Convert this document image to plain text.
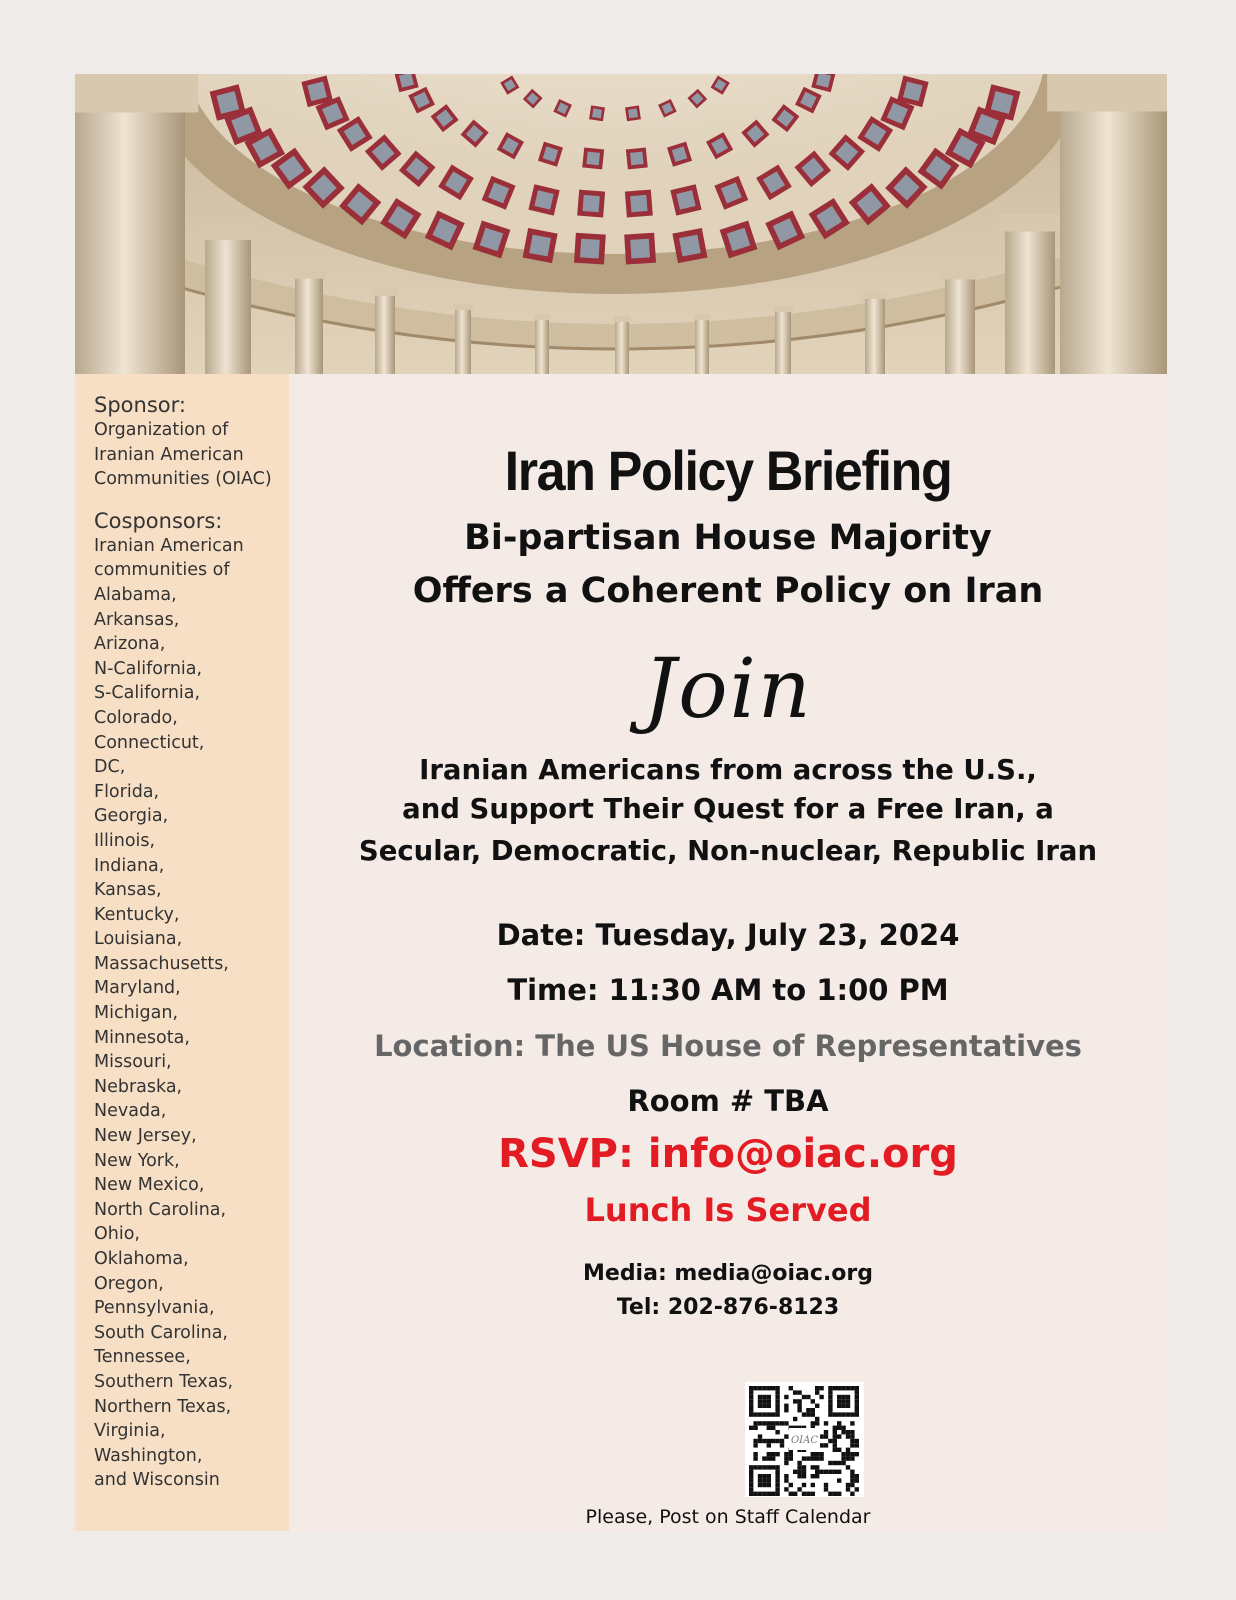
Sponsor:
Organization of
Iranian American
Communities (OIAC)
Cosponsors:
Iranian American
communities of
Alabama,
Arkansas,
Arizona,
N-California,
S-California,
Colorado,
Connecticut,
DC,
Florida,
Georgia,
Illinois,
Indiana,
Kansas,
Kentucky,
Louisiana,
Massachusetts,
Maryland,
Michigan,
Minnesota,
Missouri,
Nebraska,
Nevada,
New Jersey,
New York,
New Mexico,
North Carolina,
Ohio,
Oklahoma,
Oregon,
Pennsylvania,
South Carolina,
Tennessee,
Southern Texas,
Northern Texas,
Virginia,
Washington,
and Wisconsin
Iran Policy Briefing
Bi-partisan House Majority
Offers a Coherent Policy on Iran
Join
Iranian Americans from across the U.S.,
and Support Their Quest for a Free Iran, a
Secular, Democratic, Non-nuclear, Republic Iran
Date: Tuesday, July 23, 2024
Time: 11:30 AM to 1:00 PM
Location: The US House of Representatives
Room # TBA
RSVP: info@oiac.org
Lunch Is Served
Media: media@oiac.org
Tel: 202-876-8123
OIAC
Please, Post on Staff Calendar
